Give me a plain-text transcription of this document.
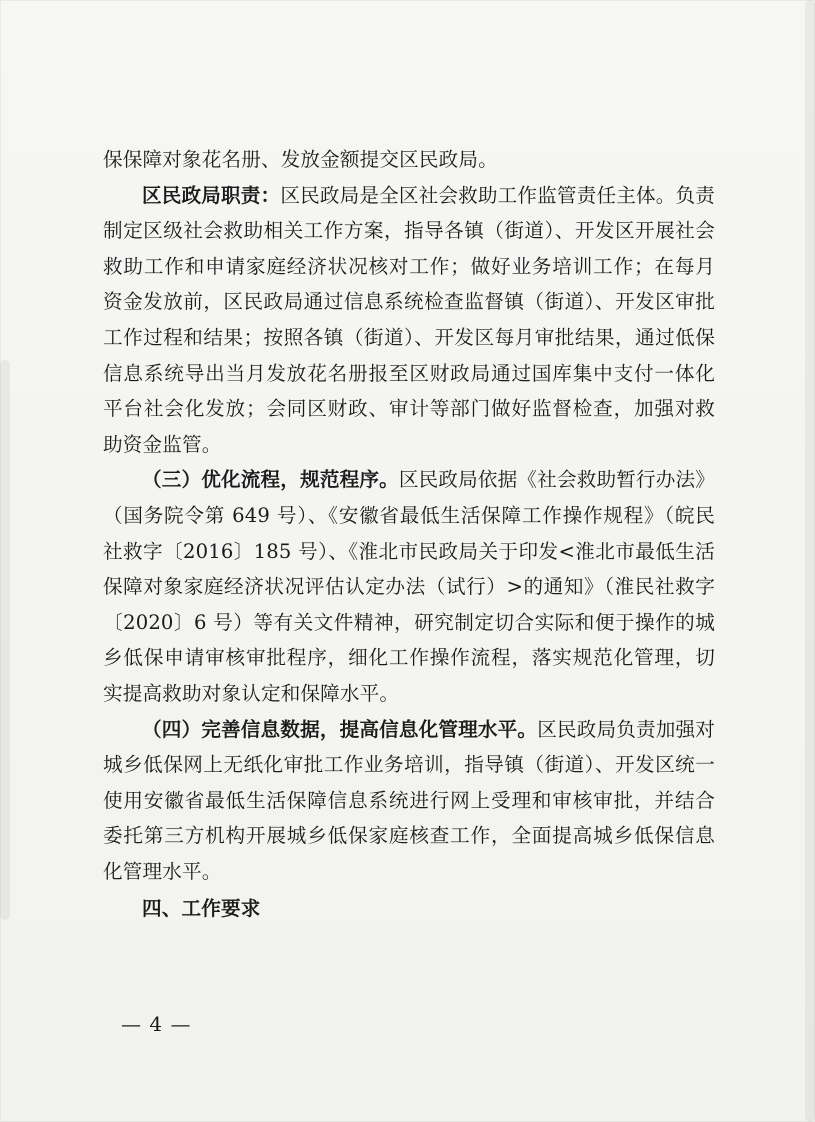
保保障对象花名册、发放金额提交区民政局。

区民政局职责：区民政局是全区社会救助工作监管责任主体。负责制定区级社会救助相关工作方案，指导各镇（街道）、开发区开展社会救助工作和申请家庭经济状况核对工作；做好业务培训工作；在每月资金发放前，区民政局通过信息系统检查监督镇（街道）、开发区审批工作过程和结果；按照各镇（街道）、开发区每月审批结果，通过低保信息系统导出当月发放花名册报至区财政局通过国库集中支付一体化平台社会化发放；会同区财政、审计等部门做好监督检查，加强对救助资金监管。

（三）优化流程，规范程序。区民政局依据《社会救助暂行办法》（国务院令第 649 号）、《安徽省最低生活保障工作操作规程》（皖民社救字〔2016〕185 号）、《淮北市民政局关于印发<淮北市最低生活保障对象家庭经济状况评估认定办法（试行）>的通知》（淮民社救字〔2020〕6 号）等有关文件精神，研究制定切合实际和便于操作的城乡低保申请审核审批程序，细化工作操作流程，落实规范化管理，切实提高救助对象认定和保障水平。

（四）完善信息数据，提高信息化管理水平。区民政局负责加强对城乡低保网上无纸化审批工作业务培训，指导镇（街道）、开发区统一使用安徽省最低生活保障信息系统进行网上受理和审核审批，并结合委托第三方机构开展城乡低保家庭核查工作，全面提高城乡低保信息化管理水平。

四、工作要求

— 4 —
